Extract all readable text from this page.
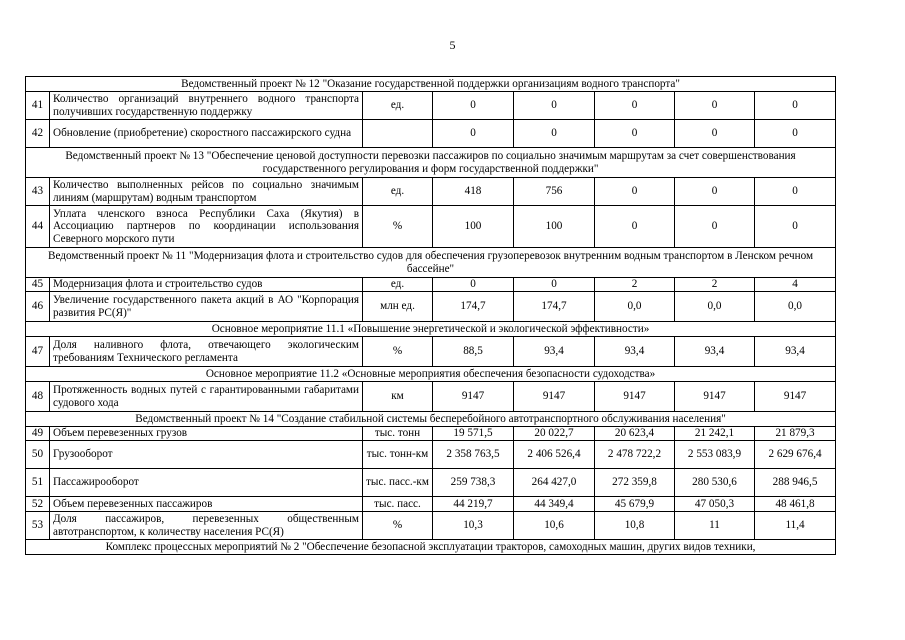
5
Ведомственный проект № 12 "Оказание государственной поддержки организациям водного транспорта"							
41	Количество организаций внутреннего водного транспорта получивших государственную поддержку	ед.	0	0	0	0	0
42	Обновление (приобретение) скоростного пассажирского судна		0	0	0	0	0
Ведомственный проект № 13 "Обеспечение ценовой доступности перевозки пассажиров по социально значимым маршрутам за счет совершенствования государственного регулирования и форм государственной поддержки"							
43	Количество выполненных рейсов по социально значимым линиям (маршрутам) водным транспортом	ед.	418	756	0	0	0
44	Уплата членского взноса Республики Саха (Якутия) в Ассоциацию партнеров по координации использования Северного морского пути	%	100	100	0	0	0
Ведомственный проект № 11 "Модернизация флота и строительство судов для обеспечения грузоперевозок внутренним водным транспортом в Ленском речном бассейне"							
45	Модернизация флота и строительство судов	ед.	0	0	2	2	4
46	Увеличение государственного пакета акций в АО "Корпорация развития РС(Я)"	млн ед.	174,7	174,7	0,0	0,0	0,0
Основное мероприятие 11.1 «Повышение энергетической и экологической эффективности»							
47	Доля наливного флота, отвечающего экологическим требованиям Технического регламента	%	88,5	93,4	93,4	93,4	93,4
Основное мероприятие 11.2 «Основные мероприятия обеспечения безопасности судоходства»							
48	Протяженность водных путей с гарантированными габаритами судового хода	км	9147	9147	9147	9147	9147
Ведомственный проект № 14 "Создание стабильной системы бесперебойного автотранспортного обслуживания населения"							
49	Объем перевезенных грузов	тыс. тонн	19 571,5	20 022,7	20 623,4	21 242,1	21 879,3
50	Грузооборот	тыс. тонн-км	2 358 763,5	2 406 526,4	2 478 722,2	2 553 083,9	2 629 676,4
51	Пассажирооборот	тыс. пасс.-км	259 738,3	264 427,0	272 359,8	280 530,6	288 946,5
52	Объем перевезенных пассажиров	тыс. пасс.	44 219,7	44 349,4	45 679,9	47 050,3	48 461,8
53	Доля пассажиров, перевезенных общественным автотранспортом, к количеству населения РС(Я)	%	10,3	10,6	10,8	11	11,4
Комплекс процессных мероприятий № 2 "Обеспечение безопасной эксплуатации тракторов, самоходных машин, других видов техники,							
